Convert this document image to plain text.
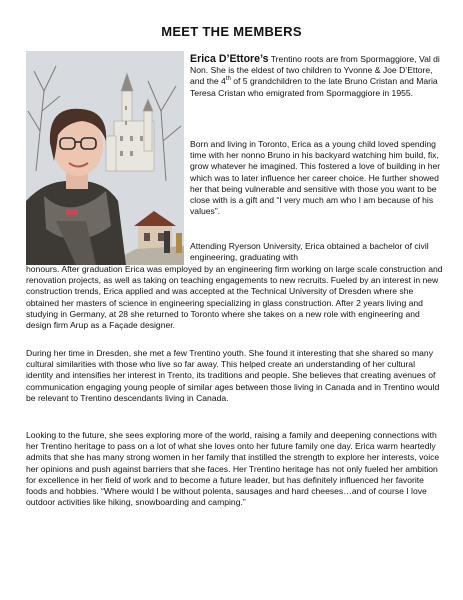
MEET THE MEMBERS

Erica D’Ettore’s Trentino roots are from Spormaggiore, Val di Non. She is the eldest of two children to Yvonne & Joe D’Ettore, and the 4th of 5 grandchildren to the late Bruno Cristan and Maria Teresa Cristan who emigrated from Spormaggiore in 1955.

Born and living in Toronto, Erica as a young child loved spending time with her nonno Bruno in his backyard watching him build, fix, grow whatever he imagined. This fostered a love of building in her which was to later influence her career choice. He further showed her that being vulnerable and sensitive with those you want to be close with is a gift and “I very much am who I am because of his values”.

Attending Ryerson University, Erica obtained a bachelor of civil engineering, graduating with

honours. After graduation Erica was employed by an engineering firm working on large scale construction and renovation projects, as well as taking on teaching engagements to new recruits. Fueled by an interest in new construction trends, Erica applied and was accepted at the Technical University of Dresden where she obtained her masters of science in engineering specializing in glass construction. After 2 years living and studying in Germany, at 28 she returned to Toronto where she takes on a new role with engineering and design firm Arup as a Façade designer.

During her time in Dresden, she met a few Trentino youth. She found it interesting that she shared so many cultural similarities with those who live so far away. This helped create an understanding of her cultural identity and intensifies her interest in Trento, its traditions and people. She believes that creating avenues of communication engaging young people of similar ages between those living in Canada and in Trentino would be relevant to Trentino descendants living in Canada.

Looking to the future, she sees exploring more of the world, raising a family and deepening connections with her Trentino heritage to pass on a lot of what she loves onto her future family one day. Erica warm heartedly admits that she has many strong women in her family that instilled the strength to explore her interests, voice her opinions and push against barriers that she faces. Her Trentino heritage has not only fueled her ambition for excellence in her field of work and to become a future leader, but has definitely influenced her favorite foods and hobbies. “Where would I be without polenta, sausages and hard cheeses…and of course I love outdoor activities like hiking, snowboarding and camping.”
